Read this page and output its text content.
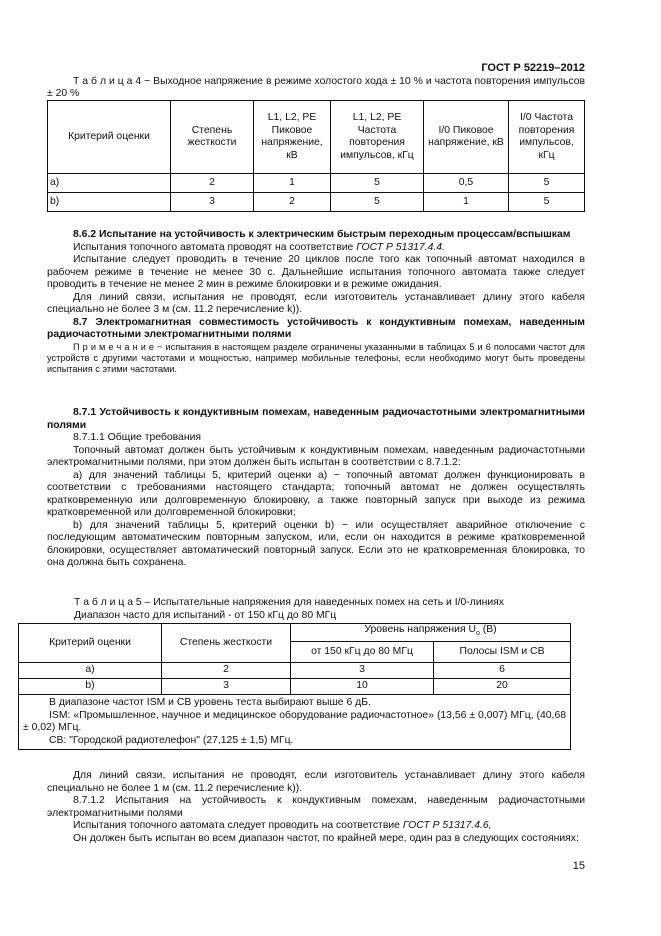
ГОСТ Р 52219–2012

Т а б л и ц а 4 − Выходное напряжение в режиме холостого хода ± 10 % и частота повторения импульсов ± 20 %

Критерий оценки	Степень жесткости	L1, L2, PE Пиковое напряжение, кВ	L1, L2, PE Частота повторения импульсов, кГц	I/0 Пиковое напряжение, кВ	I/0 Частота повторения импульсов, кГц
a)	2	1	5	0,5	5
b)	3	2	5	1	5

8.6.2 Испытание на устойчивость к электрическим быстрым переходным процессам/вспышкам

Испытания топочного автомата проводят на соответствие ГОСТ Р 51317.4.4.

Испытание следует проводить в течение 20 циклов после того как топочный автомат находился в рабочем режиме в течение не менее 30 с. Дальнейшие испытания топочного автомата также следует проводить в течение не менее 2 мин в режиме блокировки и в режиме ожидания.

Для линий связи, испытания не проводят, если изготовитель устанавливает длину этого кабеля специально не более 3 м (см. 11.2 перечисление k)).

8.7 Электромагнитная совместимость устойчивость к кондуктивным помехам, наведенным радиочастотными электромагнитными полями

П р и м е ч а н и е − испытания в настоящем разделе ограничены указанными в таблицах 5 и 6 полосами частот для устройств с другими частотами и мощностью, например мобильные телефоны, если необходимо могут быть проведены испытания с этими частотами.

8.7.1 Устойчивость к кондуктивным помехам, наведенным радиочастотными электромагнитными полями

8.7.1.1 Общие требования

Топочный автомат должен быть устойчивым к кондуктивным помехам, наведенным радиочастотными электромагнитными полями, при этом должен быть испытан в соответствии с 8.7.1.2:

a) для значений таблицы 5, критерий оценки a) − топочный автомат должен функционировать в соответствии с требованиями настоящего стандарта; топочный автомат не должен осуществлять кратковременную или долговременную блокировку, а также повторный запуск при выходе из режима кратковременной или долговременной блокировки;

b) для значений таблицы 5, критерий оценки b) − или осуществляет аварийное отключение с последующим автоматическим повторным запуском, или, если он находится в режиме кратковременной блокировки, осуществляет автоматический повторный запуск. Если это не кратковременная блокировка, то она должна быть сохранена.

Т а б л и ц а 5 – Испытательные напряжения для наведенных помех на сеть и I/0-линиях

Диапазон часто для испытаний - от 150 кГц до 80 МГц

Критерий оценки	Степень жесткости	Уровень напряжения $U_o$ (В)	
		от 150 кГц до 80 МГц	Полосы ISM и CB
a)	2	3	6
b)	3	10	20

В диапазоне частот ISM и CB уровень теста выбирают выше 6 дБ.

ISM: «Промышленное, научное и медицинское оборудование радиочастотное» (13,56 ± 0,007) МГц, (40,68 ± 0,02) МГц.

CB: "Городской радиотелефон" (27,125 ± 1,5) МГц.			

Для линий связи, испытания не проводят, если изготовитель устанавливает длину этого кабеля специально не более 1 м (см. 11.2 перечисление k)).

8.7.1.2 Испытания на устойчивость к кондуктивным помехам, наведенным радиочастотными электромагнитными полями

Испытания топочного автомата следует проводить на соответствие ГОСТ Р 51317.4.6,

Он должен быть испытан во всем диапазон частот, по крайней мере, один раз в следующих состояниях:

15
